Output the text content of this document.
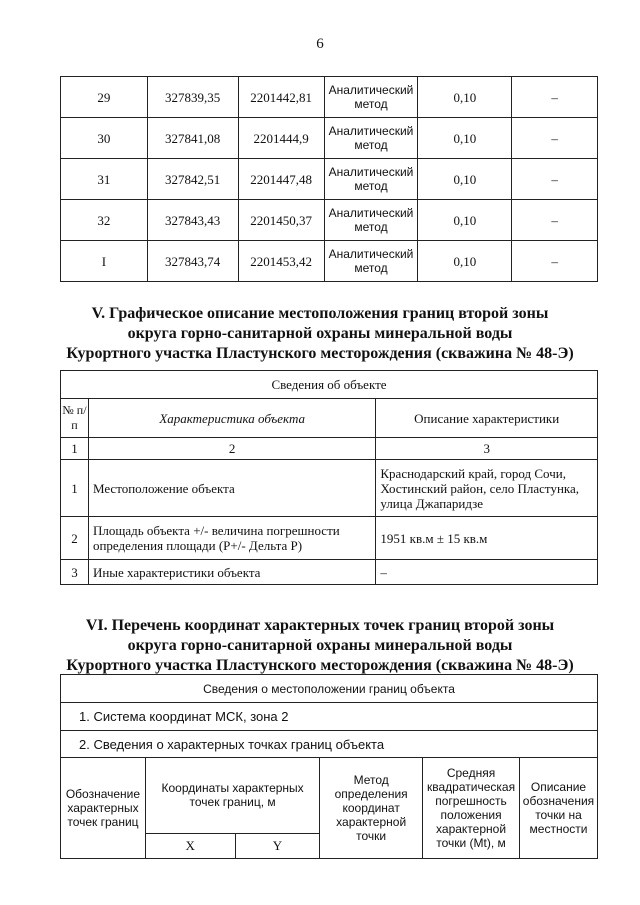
6
29	327839,35	2201442,81	Аналитический метод	0,10	–
30	327841,08	2201444,9	Аналитический метод	0,10	–
31	327842,51	2201447,48	Аналитический метод	0,10	–
32	327843,43	2201450,37	Аналитический метод	0,10	–
I	327843,74	2201453,42	Аналитический метод	0,10	–
V. Графическое описание местоположения границ второй зоны
округа горно-санитарной охраны минеральной воды
Курортного участка Пластунского месторождения (скважина № 48-Э)
Сведения об объекте		
№ п/п	Характеристика объекта	Описание характеристики
1	2	3
1	Местоположение объекта	Краснодарский край, город Сочи, Хостинский район, село Пластунка, улица Джапаридзе
2	Площадь объекта +/- величина погрешности определения площади (P+/- Дельта P)	1951 кв.м ± 15 кв.м
3	Иные характеристики объекта	–
VI. Перечень координат характерных точек границ второй зоны
округа горно-санитарной охраны минеральной воды
Курортного участка Пластунского месторождения (скважина № 48-Э)
Сведения о местоположении границ объекта					
1. Система координат МСК, зона 2					
2. Сведения о характерных точках границ объекта					
Обозначение характерных точек границ	Координаты характерных точек границ, м		Метод определения координат характерной точки	Средняя квадратическая погрешность положения характерной точки (Mt), м	Описание обозначения точки на местности
	X	Y			
